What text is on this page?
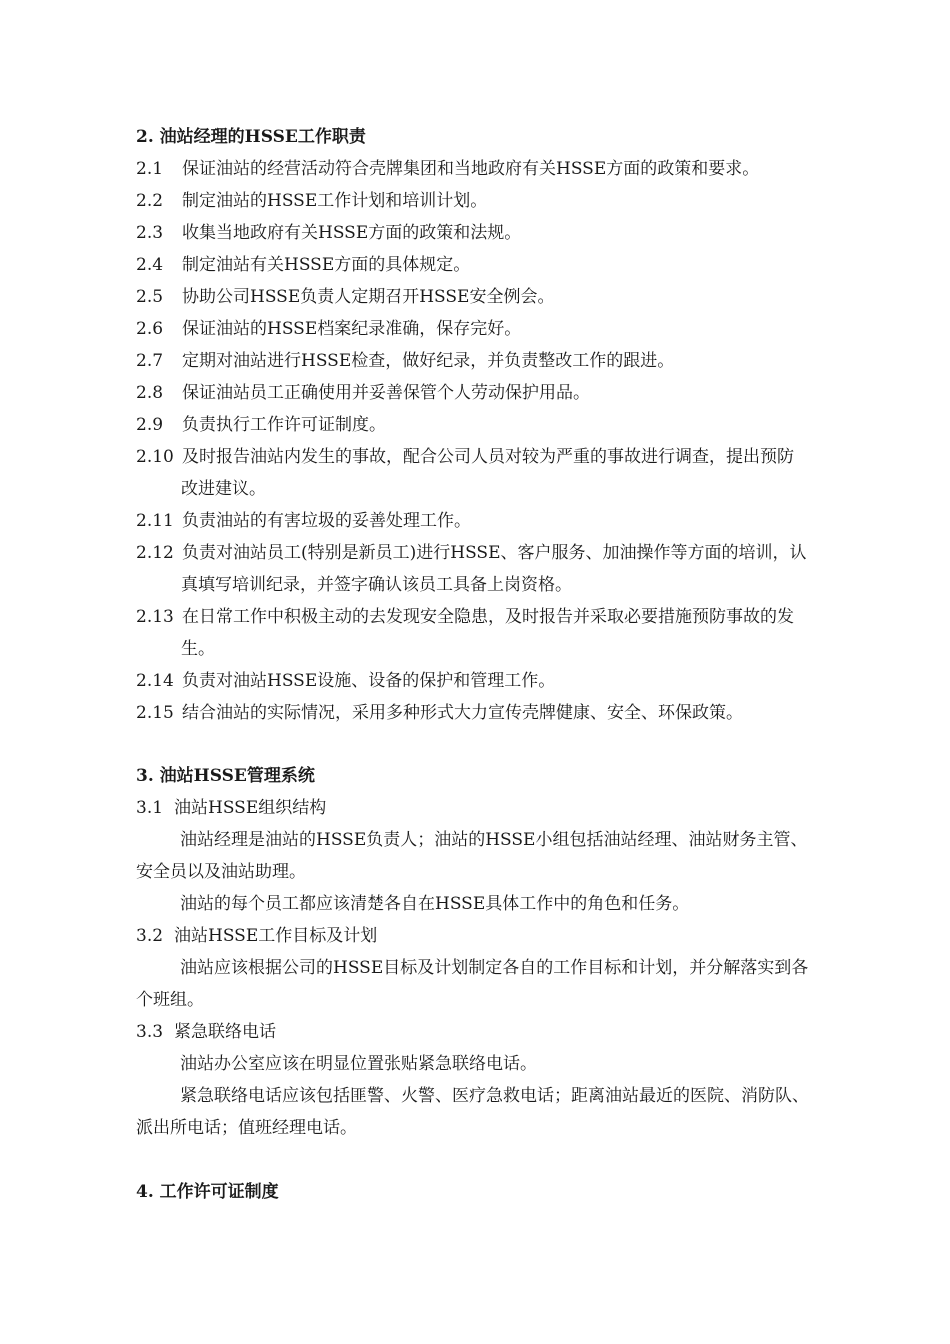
2. 油站经理的HSSE工作职责
2.1 保证油站的经营活动符合壳牌集团和当地政府有关HSSE方面的政策和要求。
2.2 制定油站的HSSE工作计划和培训计划。
2.3 收集当地政府有关HSSE方面的政策和法规。
2.4 制定油站有关HSSE方面的具体规定。
2.5 协助公司HSSE负责人定期召开HSSE安全例会。
2.6 保证油站的HSSE档案纪录准确，保存完好。
2.7 定期对油站进行HSSE检查，做好纪录，并负责整改工作的跟进。
2.8 保证油站员工正确使用并妥善保管个人劳动保护用品。
2.9 负责执行工作许可证制度。
2.10 及时报告油站内发生的事故，配合公司人员对较为严重的事故进行调查，提出预防
改进建议。
2.11 负责油站的有害垃圾的妥善处理工作。
2.12 负责对油站员工(特别是新员工)进行HSSE、客户服务、加油操作等方面的培训，认
真填写培训纪录，并签字确认该员工具备上岗资格。
2.13 在日常工作中积极主动的去发现安全隐患，及时报告并采取必要措施预防事故的发
生。
2.14 负责对油站HSSE设施、设备的保护和管理工作。
2.15 结合油站的实际情况，采用多种形式大力宣传壳牌健康、安全、环保政策。
3. 油站HSSE管理系统
3.1 油站HSSE组织结构
油站经理是油站的HSSE负责人；油站的HSSE小组包括油站经理、油站财务主管、
安全员以及油站助理。
油站的每个员工都应该清楚各自在HSSE具体工作中的角色和任务。
3.2 油站HSSE工作目标及计划
油站应该根据公司的HSSE目标及计划制定各自的工作目标和计划，并分解落实到各
个班组。
3.3 紧急联络电话
油站办公室应该在明显位置张贴紧急联络电话。
紧急联络电话应该包括匪警、火警、医疗急救电话；距离油站最近的医院、消防队、
派出所电话；值班经理电话。
4. 工作许可证制度
